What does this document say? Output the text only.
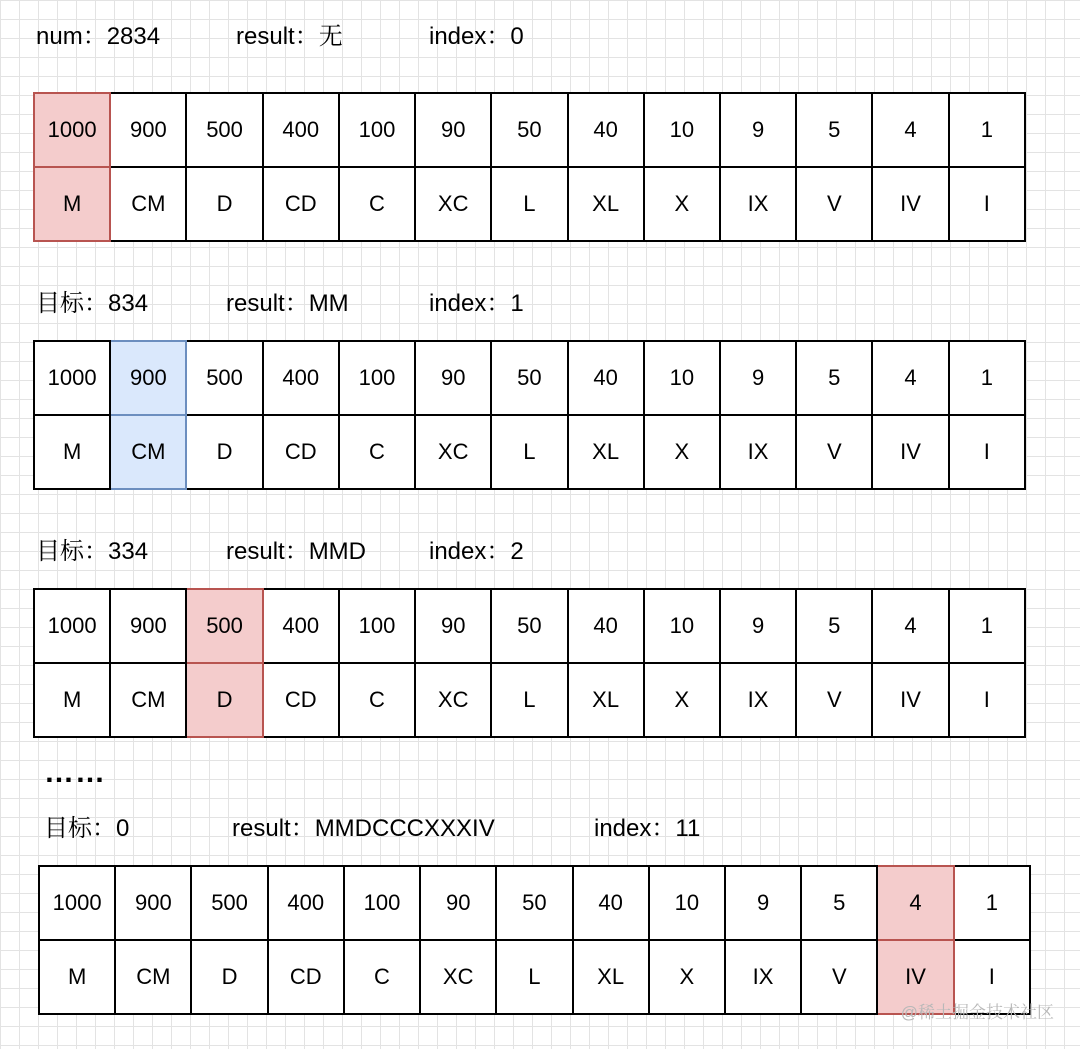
num：2834	result：无	index：0
1000	900	500	400	100	90	50	40	10	9	5	4	1
M	CM	D	CD	C	XC	L	XL	X	IX	V	IV	I
目标：834	result：MM	index：1
1000	900	500	400	100	90	50	40	10	9	5	4	1
M	CM	D	CD	C	XC	L	XL	X	IX	V	IV	I
目标：334	result：MMD	index：2
1000	900	500	400	100	90	50	40	10	9	5	4	1
M	CM	D	CD	C	XC	L	XL	X	IX	V	IV	I
……
目标：0	result：MMDCCCXXXIV	index：11
1000	900	500	400	100	90	50	40	10	9	5	4	1
M	CM	D	CD	C	XC	L	XL	X	IX	V	IV	I
@稀土掘金技术社区
